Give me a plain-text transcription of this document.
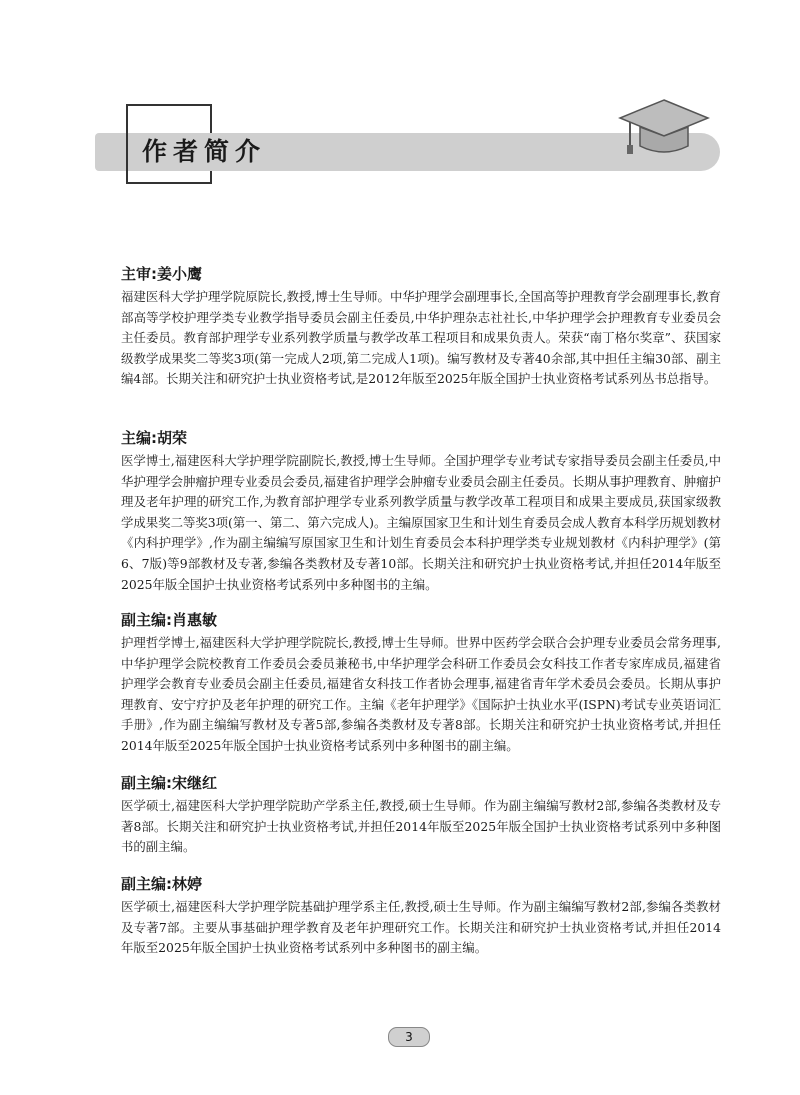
作者简介
主审:姜小鹰

福建医科大学护理学院原院长,教授,博士生导师。中华护理学会副理事长,全国高等护理教育学会副理事长,教育部高等学校护理学类专业教学指导委员会副主任委员,中华护理杂志社社长,中华护理学会护理教育专业委员会主任委员。教育部护理学专业系列教学质量与教学改革工程项目和成果负责人。荣获“南丁格尔奖章”、获国家级教学成果奖二等奖3项(第一完成人2项,第二完成人1项)。编写教材及专著40余部,其中担任主编30部、副主编4部。长期关注和研究护士执业资格考试,是2012年版至2025年版全国护士执业资格考试系列丛书总指导。

主编:胡荣

医学博士,福建医科大学护理学院副院长,教授,博士生导师。全国护理学专业考试专家指导委员会副主任委员,中华护理学会肿瘤护理专业委员会委员,福建省护理学会肿瘤专业委员会副主任委员。长期从事护理教育、肿瘤护理及老年护理的研究工作,为教育部护理学专业系列教学质量与教学改革工程项目和成果主要成员,获国家级教学成果奖二等奖3项(第一、第二、第六完成人)。主编原国家卫生和计划生育委员会成人教育本科学历规划教材《内科护理学》,作为副主编编写原国家卫生和计划生育委员会本科护理学类专业规划教材《内科护理学》(第6、7版)等9部教材及专著,参编各类教材及专著10部。长期关注和研究护士执业资格考试,并担任2014年版至2025年版全国护士执业资格考试系列中多种图书的主编。

副主编:肖惠敏

护理哲学博士,福建医科大学护理学院院长,教授,博士生导师。世界中医药学会联合会护理专业委员会常务理事,中华护理学会院校教育工作委员会委员兼秘书,中华护理学会科研工作委员会女科技工作者专家库成员,福建省护理学会教育专业委员会副主任委员,福建省女科技工作者协会理事,福建省青年学术委员会委员。长期从事护理教育、安宁疗护及老年护理的研究工作。主编《老年护理学》《国际护士执业水平(ISPN)考试专业英语词汇手册》,作为副主编编写教材及专著5部,参编各类教材及专著8部。长期关注和研究护士执业资格考试,并担任2014年版至2025年版全国护士执业资格考试系列中多种图书的副主编。

副主编:宋继红

医学硕士,福建医科大学护理学院助产学系主任,教授,硕士生导师。作为副主编编写教材2部,参编各类教材及专著8部。长期关注和研究护士执业资格考试,并担任2014年版至2025年版全国护士执业资格考试系列中多种图书的副主编。

副主编:林婷

医学硕士,福建医科大学护理学院基础护理学系主任,教授,硕士生导师。作为副主编编写教材2部,参编各类教材及专著7部。主要从事基础护理学教育及老年护理研究工作。长期关注和研究护士执业资格考试,并担任2014年版至2025年版全国护士执业资格考试系列中多种图书的副主编。

3
